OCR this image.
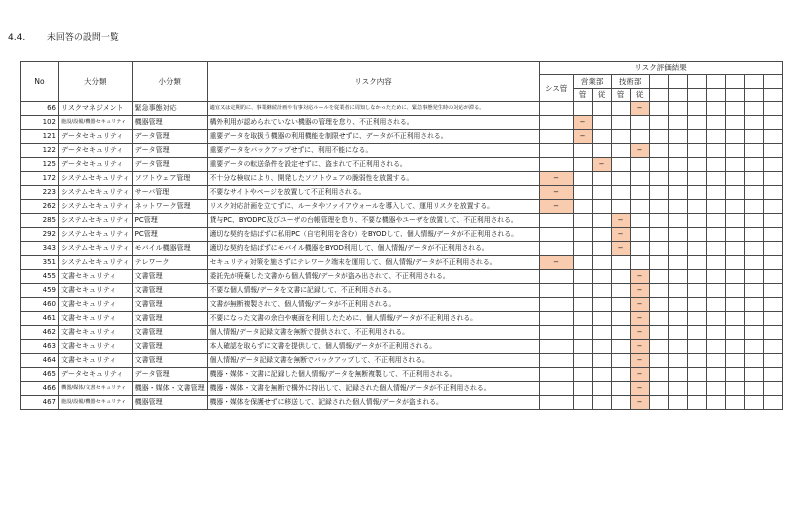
4.4. 未回答の設問一覧
No	大分類	小分類	リスク内容	リスク評価結果											
				シス管	営業部		技術部								
					管	従	管	従							
66	リスクマネジメント	緊急事態対応	適宜又は定期的に、事業継続計画や有事対応ルールを従業者に周知しなかったために、緊急事態発生時の対応が滞る。					−							
102	施設/設備/機器セキュリティ	機器管理	構外利用が認められていない機器の管理を怠り、不正利用される。		−										
121	データセキュリティ	データ管理	重要データを取扱う機器の利用機能を制限せずに、データが不正利用される。		−										
122	データセキュリティ	データ管理	重要データをバックアップせずに、利用不能になる。					−							
125	データセキュリティ	データ管理	重要データの転送条件を設定せずに、盗まれて不正利用される。			−									
172	システムセキュリティ	ソフトウェア管理	不十分な検収により、開発したソフトウェアの脆弱性を放置する。	−											
223	システムセキュリティ	サーバ管理	不要なサイトやページを放置して不正利用される。	−											
262	システムセキュリティ	ネットワーク管理	リスク対応計画を立てずに、ルータやファイアウォールを導入して、運用リスクを放置する。	−											
285	システムセキュリティ	PC管理	貸与PC、BYODPC及びユーザの台帳管理を怠り、不要な機器やユーザを放置して、不正利用される。				−								
292	システムセキュリティ	PC管理	適切な契約を結ばずに私用PC（自宅利用を含む）をBYODして、個人情報/データが不正利用される。				−								
343	システムセキュリティ	モバイル機器管理	適切な契約を結ばずにモバイル機器をBYOD利用して、個人情報/データが不正利用される。				−								
351	システムセキュリティ	テレワーク	セキュリティ対策を施さずにテレワーク端末を運用して、個人情報/データが不正利用される。	−											
455	文書セキュリティ	文書管理	委託先が廃棄した文書から個人情報/データが盗み出されて、不正利用される。					−							
459	文書セキュリティ	文書管理	不要な個人情報/データを文書に記録して、不正利用される。					−							
460	文書セキュリティ	文書管理	文書が無断複製されて、個人情報/データが不正利用される。					−							
461	文書セキュリティ	文書管理	不要になった文書の余白や裏面を利用したために、個人情報/データが不正利用される。					−							
462	文書セキュリティ	文書管理	個人情報/データ記録文書を無断で提供されて、不正利用される。					−							
463	文書セキュリティ	文書管理	本人確認を取らずに文書を提供して、個人情報/データが不正利用される。					−							
464	文書セキュリティ	文書管理	個人情報/データ記録文書を無断でバックアップして、不正利用される。					−							
465	データセキュリティ	データ管理	機器・媒体・文書に記録した個人情報/データを無断複製して、不正利用される。					−							
466	機器/媒体/文書セキュリティ	機器・媒体・文書管理	機器・媒体・文書を無断で構外に持出して、記録された個人情報/データが不正利用される。					−							
467	施設/設備/機器セキュリティ	機器管理	機器・媒体を保護せずに移送して、記録された個人情報/データが盗まれる。					−							
